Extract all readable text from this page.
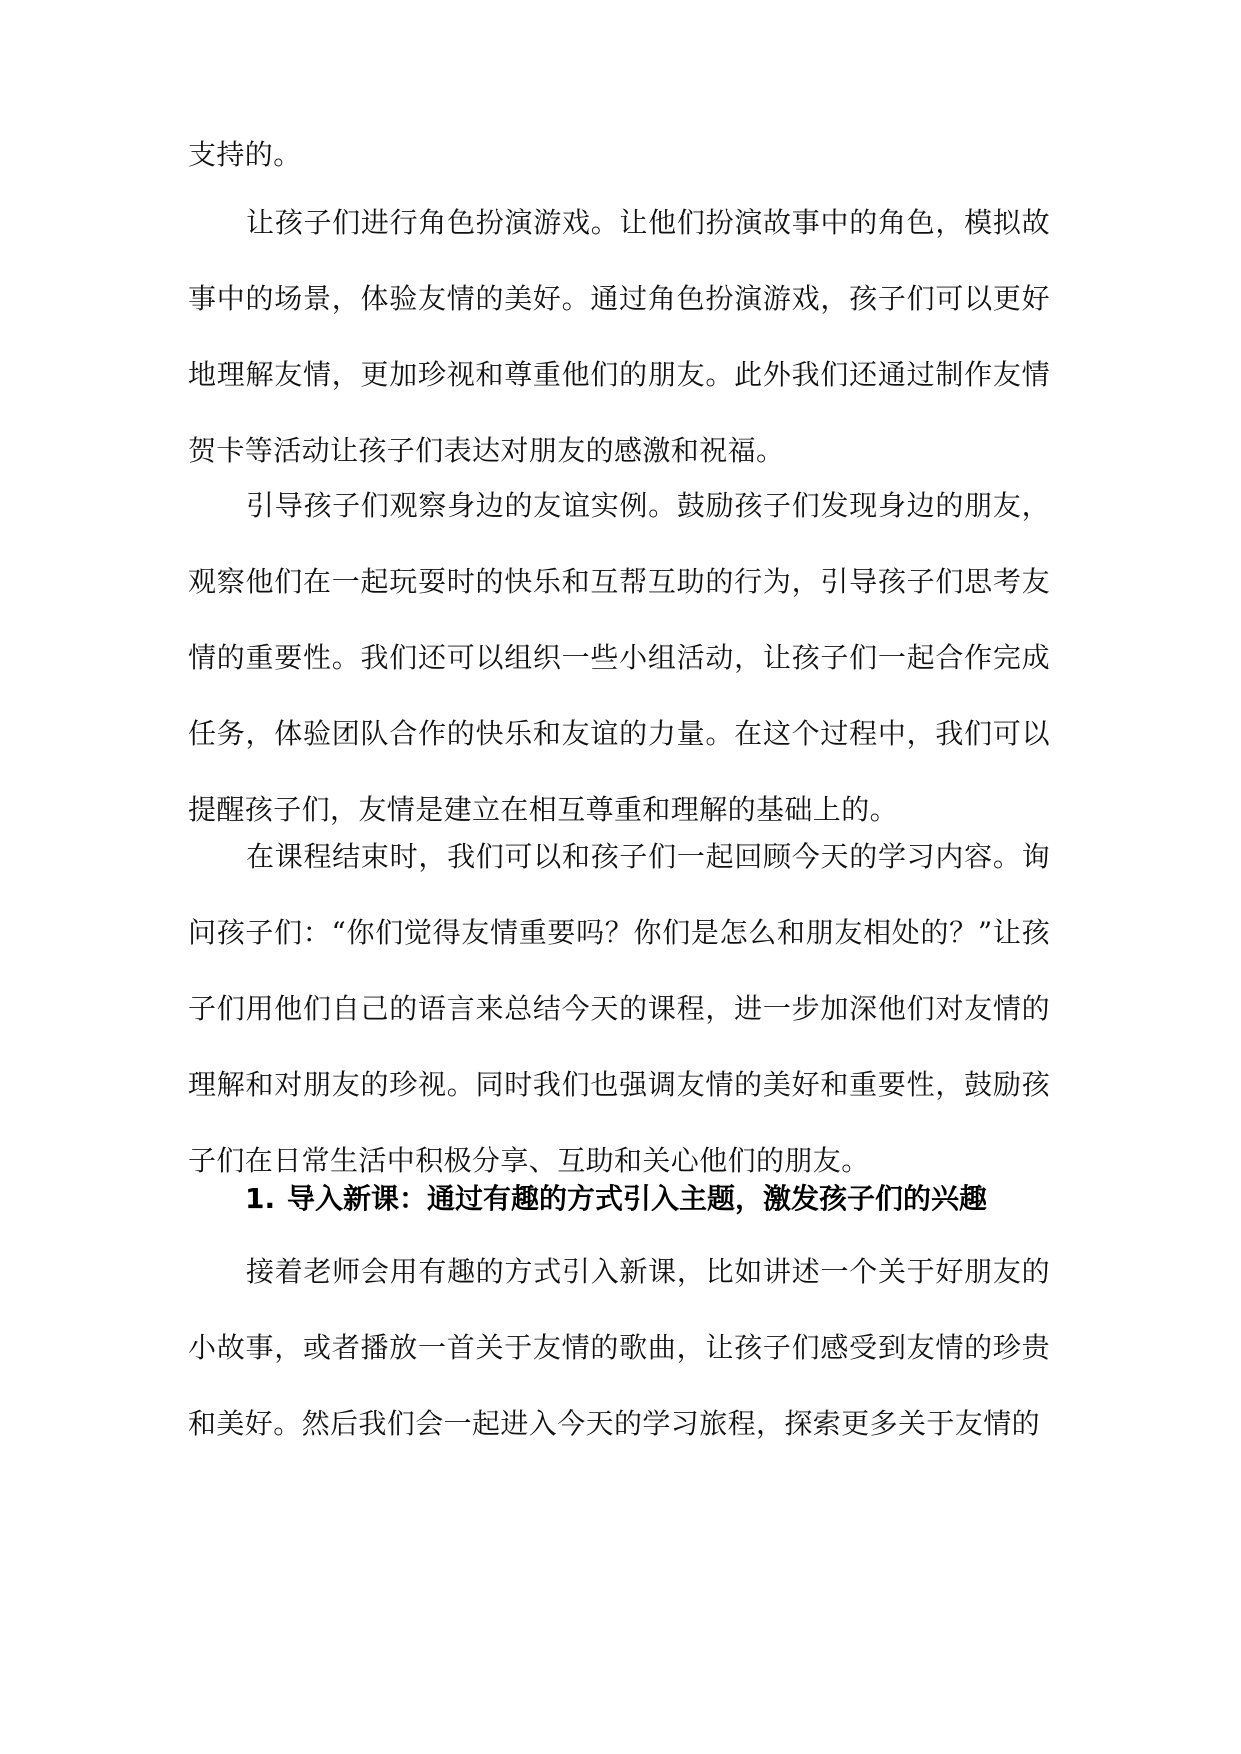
支持的。

让孩子们进行角色扮演游戏。让他们扮演故事中的角色，模拟故事中的场景，体验友情的美好。通过角色扮演游戏，孩子们可以更好地理解友情，更加珍视和尊重他们的朋友。此外我们还通过制作友情贺卡等活动让孩子们表达对朋友的感激和祝福。

引导孩子们观察身边的友谊实例。鼓励孩子们发现身边的朋友，观察他们在一起玩耍时的快乐和互帮互助的行为，引导孩子们思考友情的重要性。我们还可以组织一些小组活动，让孩子们一起合作完成任务，体验团队合作的快乐和友谊的力量。在这个过程中，我们可以提醒孩子们，友情是建立在相互尊重和理解的基础上的。

在课程结束时，我们可以和孩子们一起回顾今天的学习内容。询问孩子们：“你们觉得友情重要吗？你们是怎么和朋友相处的？”让孩子们用他们自己的语言来总结今天的课程，进一步加深他们对友情的理解和对朋友的珍视。同时我们也强调友情的美好和重要性，鼓励孩子们在日常生活中积极分享、互助和关心他们的朋友。

1. 导入新课：通过有趣的方式引入主题，激发孩子们的兴趣

接着老师会用有趣的方式引入新课，比如讲述一个关于好朋友的小故事，或者播放一首关于友情的歌曲，让孩子们感受到友情的珍贵和美好。然后我们会一起进入今天的学习旅程，探索更多关于友情的
